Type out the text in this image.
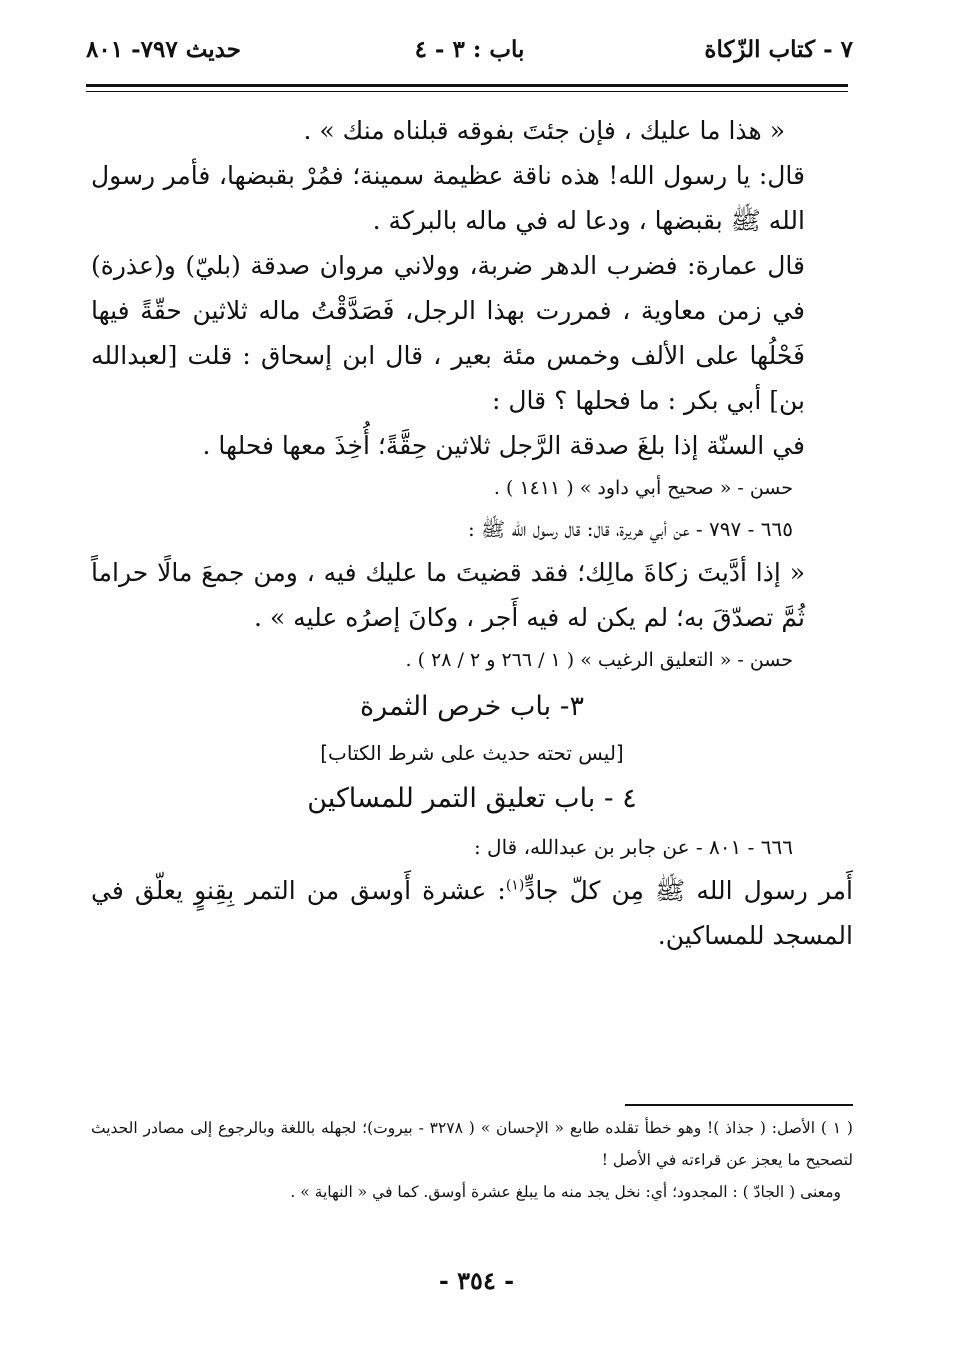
٧ - كتاب الزّكاة
باب : ٣ - ٤
حديث ٧٩٧- ٨٠١

« هذا ما عليك ، فإن جئتَ بفوقه قبلناه منك » .

قال: يا رسول الله! هذه ناقة عظيمة سمينة؛ فمُرْ بقبضها، فأمر رسول الله ﷺ بقبضها ، ودعا له في ماله بالبركة .

قال عمارة: فضرب الدهر ضربة، وولاني مروان صدقة (بليّ) و(عذرة) في زمن معاوية ، فمررت بهذا الرجل، فَصَدَّقْتُ ماله ثلاثين حقّةً فيها فَحْلُها على الألف وخمس مئة بعير ، قال ابن إسحاق : قلت [لعبدالله بن] أبي بكر : ما فحلها ؟ قال :

في السنّة إذا بلغَ صدقة الرَّجل ثلاثين حِقَّةً؛ أُخِذَ معها فحلها .

حسن - « صحيح أبي داود » ( ١٤١١ ) .

٦٦٥ - ٧٩٧ - عن أبي هريرة، قال: قال رسول الله ﷺ :

« إذا أدَّيتَ زكاةَ مالِك؛ فقد قضيتَ ما عليك فيه ، ومن جمعَ مالًا حراماً ثُمَّ تصدّقَ به؛ لم يكن له فيه أَجر ، وكانَ إصرُه عليه » .

حسن - « التعليق الرغيب » ( ١ / ٢٦٦ و ٢ / ٢٨ ) .

٣- باب خرص الثمرة

[ليس تحته حديث على شرط الكتاب]

٤ - باب تعليق التمر للمساكين

٦٦٦ - ٨٠١ - عن جابر بن عبدالله، قال :

أَمر رسول الله ﷺ مِن كلّ جادٍّ$^{(١)}$: عشرة أَوسق من التمر بِقِنوٍ يعلّق في المسجد للمساكين.

( ١ ) الأصل: ( جذاذ )! وهو خطأ تقلده طابع « الإحسان » ( ٣٢٧٨ - بيروت)؛ لجهله باللغة وبالرجوع إلى مصادر الحديث لتصحيح ما يعجز عن قراءته في الأصل !

ومعنى ( الجادّ ) : المجدود؛ أي: نخل يجد منه ما يبلغ عشرة أوسق. كما في « النهاية » .

- ٣٥٤ -
